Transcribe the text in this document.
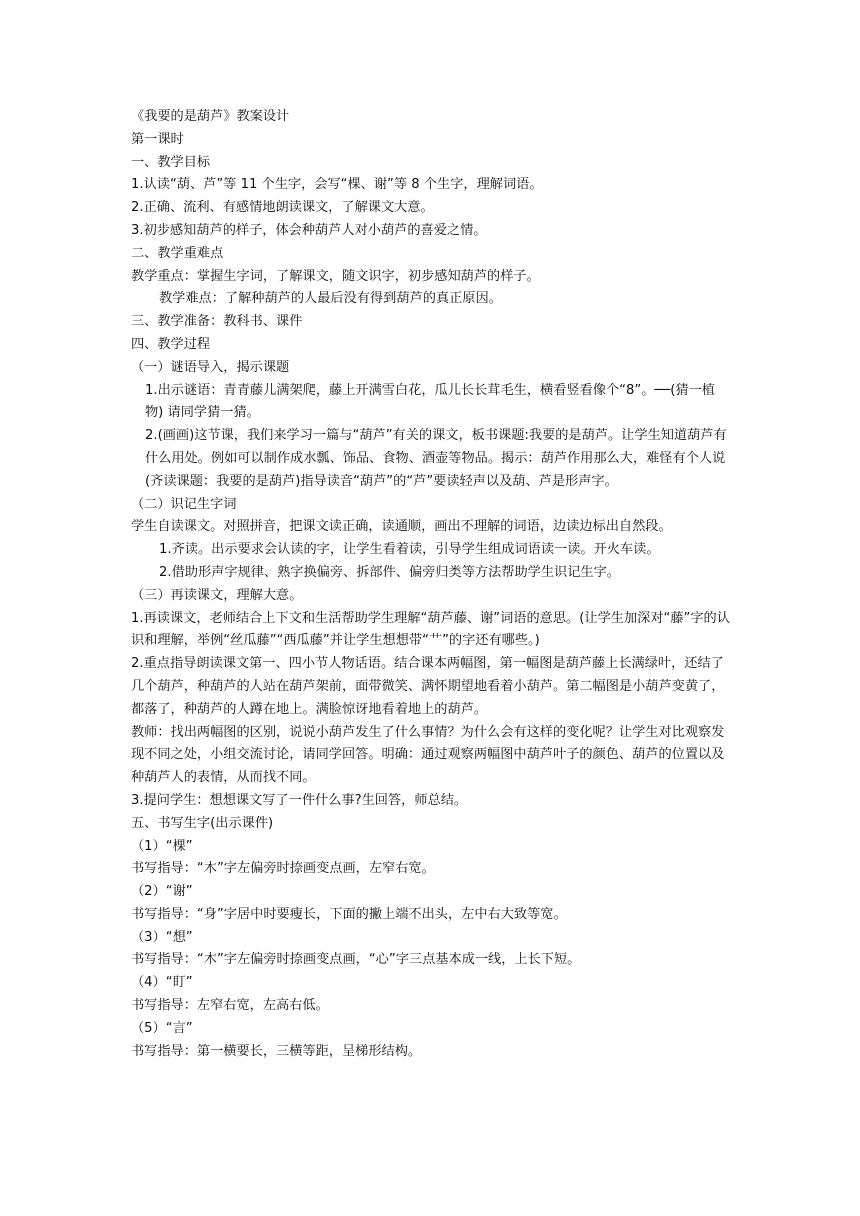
《我要的是葫芦》教案设计

第一课时

一、教学目标

1.认读“葫、芦”等 11 个生字，会写“棵、谢”等 8 个生字，理解词语。

2.正确、流利、有感情地朗读课文，了解课文大意。

3.初步感知葫芦的样子，体会种葫芦人对小葫芦的喜爱之情。

二、教学重难点

教学重点：掌握生字词，了解课文，随文识字，初步感知葫芦的样子。

教学难点：了解种葫芦的人最后没有得到葫芦的真正原因。

三、教学准备：教科书、课件

四、教学过程

（一）谜语导入，揭示课题

1.出示谜语：青青藤儿满架爬，藤上开满雪白花，瓜儿长长茸毛生，横看竖看像个“8”。──(猜一植物) 请同学猜一猜。

2.(画画)这节课，我们来学习一篇与“葫芦”有关的课文，板书课题:我要的是葫芦。让学生知道葫芦有什么用处。例如可以制作成水瓢、饰品、食物、酒壶等物品。揭示：葫芦作用那么大，难怪有个人说(齐读课题：我要的是葫芦)指导读音“葫芦”的“芦”要读轻声以及葫、芦是形声字。

（二）识记生字词

学生自读课文。对照拼音，把课文读正确，读通顺，画出不理解的词语，边读边标出自然段。

1.齐读。出示要求会认读的字，让学生看着读，引导学生组成词语读一读。开火车读。

2.借助形声字规律、熟字换偏旁、拆部件、偏旁归类等方法帮助学生识记生字。

（三）再读课文，理解大意。

1.再读课文，老师结合上下文和生活帮助学生理解“葫芦藤、谢”词语的意思。(让学生加深对“藤”字的认识和理解，举例“丝瓜藤”“西瓜藤”并让学生想想带“艹”的字还有哪些。)

2.重点指导朗读课文第一、四小节人物话语。结合课本两幅图，第一幅图是葫芦藤上长满绿叶，还结了几个葫芦，种葫芦的人站在葫芦架前，面带微笑、满怀期望地看着小葫芦。第二幅图是小葫芦变黄了，都落了，种葫芦的人蹲在地上。满脸惊讶地看着地上的葫芦。

教师：找出两幅图的区别，说说小葫芦发生了什么事情？为什么会有这样的变化呢？让学生对比观察发现不同之处，小组交流讨论，请同学回答。明确：通过观察两幅图中葫芦叶子的颜色、葫芦的位置以及种葫芦人的表情，从而找不同。

3.提问学生：想想课文写了一件什么事?生回答，师总结。

五、书写生字(出示课件)

（1）“棵”

书写指导：“木”字左偏旁时捺画变点画，左窄右宽。

（2）“谢”

书写指导：“身”字居中时要瘦长，下面的撇上端不出头，左中右大致等宽。

（3）“想”

书写指导：“木”字左偏旁时捺画变点画，“心”字三点基本成一线，上长下短。

（4）“盯”

书写指导：左窄右宽，左高右低。

（5）“言”

书写指导：第一横要长，三横等距，呈梯形结构。
